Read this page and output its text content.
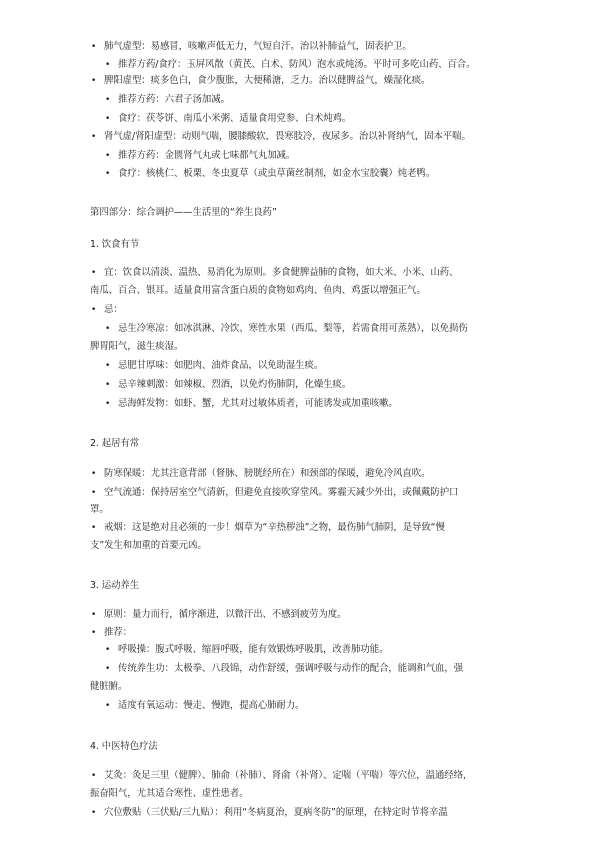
• 肺气虚型：易感冒，咳嗽声低无力，气短自汗。治以补肺益气，固表护卫。
• 推荐方药/食疗：玉屏风散（黄芪、白术、防风）泡水或炖汤。平时可多吃山药、百合。
• 脾阳虚型：痰多色白，食少腹胀，大便稀溏，乏力。治以健脾益气，燥湿化痰。
• 推荐方药：六君子汤加减。
• 食疗：茯苓饼、南瓜小米粥、适量食用党参、白术炖鸡。
• 肾气虚/肾阳虚型：动则气喘，腰膝酸软，畏寒肢冷，夜尿多。治以补肾纳气，固本平喘。
• 推荐方药：金匮肾气丸或七味都气丸加减。
• 食疗：核桃仁、板栗、冬虫夏草（或虫草菌丝制剂，如金水宝胶囊）炖老鸭。
第四部分：综合调护——生活里的“养生良药”
1. 饮食有节
• 宜：饮食以清淡、温热、易消化为原则。多食健脾益肺的食物，如大米、小米、山药、
南瓜、百合、银耳。适量食用富含蛋白质的食物如鸡肉、鱼肉、鸡蛋以增强正气。
• 忌：
• 忌生冷寒凉：如冰淇淋、冷饮、寒性水果（西瓜、梨等，若需食用可蒸熟），以免损伤
脾胃阳气，滋生痰湿。
• 忌肥甘厚味：如肥肉、油炸食品，以免助湿生痰。
• 忌辛辣刺激：如辣椒、烈酒，以免灼伤肺阴，化燥生痰。
• 忌海鲜发物：如虾、蟹，尤其对过敏体质者，可能诱发或加重咳嗽。
2. 起居有常
• 防寒保暖：尤其注意背部（督脉、膀胱经所在）和颈部的保暖，避免冷风直吹。
• 空气流通：保持居室空气清新，但避免直接吹穿堂风。雾霾天减少外出，或佩戴防护口
罩。
• 戒烟：这是绝对且必须的一步！烟草为“辛热秽浊”之物，最伤肺气肺阴，是导致“慢
支”发生和加重的首要元凶。
3. 运动养生
• 原则：量力而行，循序渐进，以微汗出、不感到疲劳为度。
• 推荐：
• 呼吸操：腹式呼吸、缩唇呼吸，能有效锻炼呼吸肌，改善肺功能。
• 传统养生功：太极拳、八段锦，动作舒缓，强调呼吸与动作的配合，能调和气血，强
健脏腑。
• 适度有氧运动：慢走、慢跑，提高心肺耐力。
4. 中医特色疗法
• 艾灸：灸足三里（健脾）、肺俞（补肺）、肾俞（补肾）、定喘（平喘）等穴位，温通经络，
振奋阳气，尤其适合寒性、虚性患者。
• 穴位敷贴（三伏贴/三九贴）：利用“冬病夏治，夏病冬防”的原理，在特定时节将辛温
